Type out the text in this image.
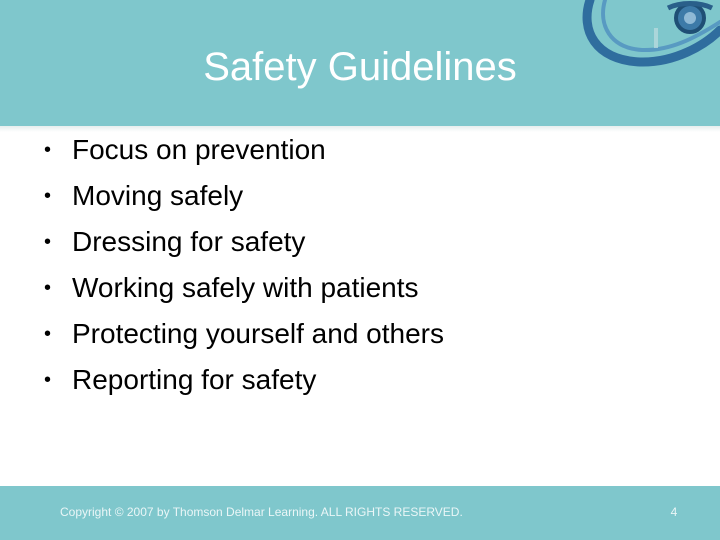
Safety Guidelines
• Focus on prevention
• Moving safely
• Dressing for safety
• Working safely with patients
• Protecting yourself and others
• Reporting for safety
Copyright © 2007 by Thomson Delmar Learning. ALL RIGHTS RESERVED.	4
